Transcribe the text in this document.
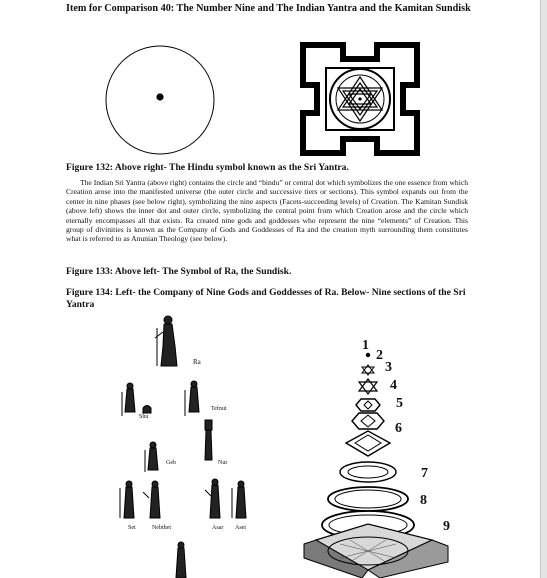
Item for Comparison 40: The Number Nine and The Indian Yantra and the Kamitan Sundisk

Figure 132: Above right- The Hindu symbol known as the Sri Yantra.

The Indian Sri Yantra (above right) contains the circle and “bindu” or central dot which symbolizes the one essence from which Creation arose into the manifested universe (the outer circle and successive tiers or sections). This symbol expands out from the center in nine phases (see below right), symbolizing the nine aspects (Facets-succeeding levels) of Creation. The Kamitan Sundisk (above left) shows the inner dot and outer circle, symbolizing the central point from which Creation arose and the circle which eternally encompasses all that exists. Ra created nine gods and goddesses who represent the nine “elements” of Creation. This group of divinities is known as the Company of Gods and Goddesses of Ra and the creation myth surrounding them constitutes what is referred to as Anunian Theology (see below).

Figure 133: Above left- The Symbol of Ra, the Sundisk.

Figure 134: Left- the Company of Nine Gods and Goddesses of Ra. Below- Nine sections of the Sri Yantra

Ra
Shu
Tefnut
Geb	Nut
Set	Nebthet	Asar Aset
1
2
3
4
5
6
7
8
9
